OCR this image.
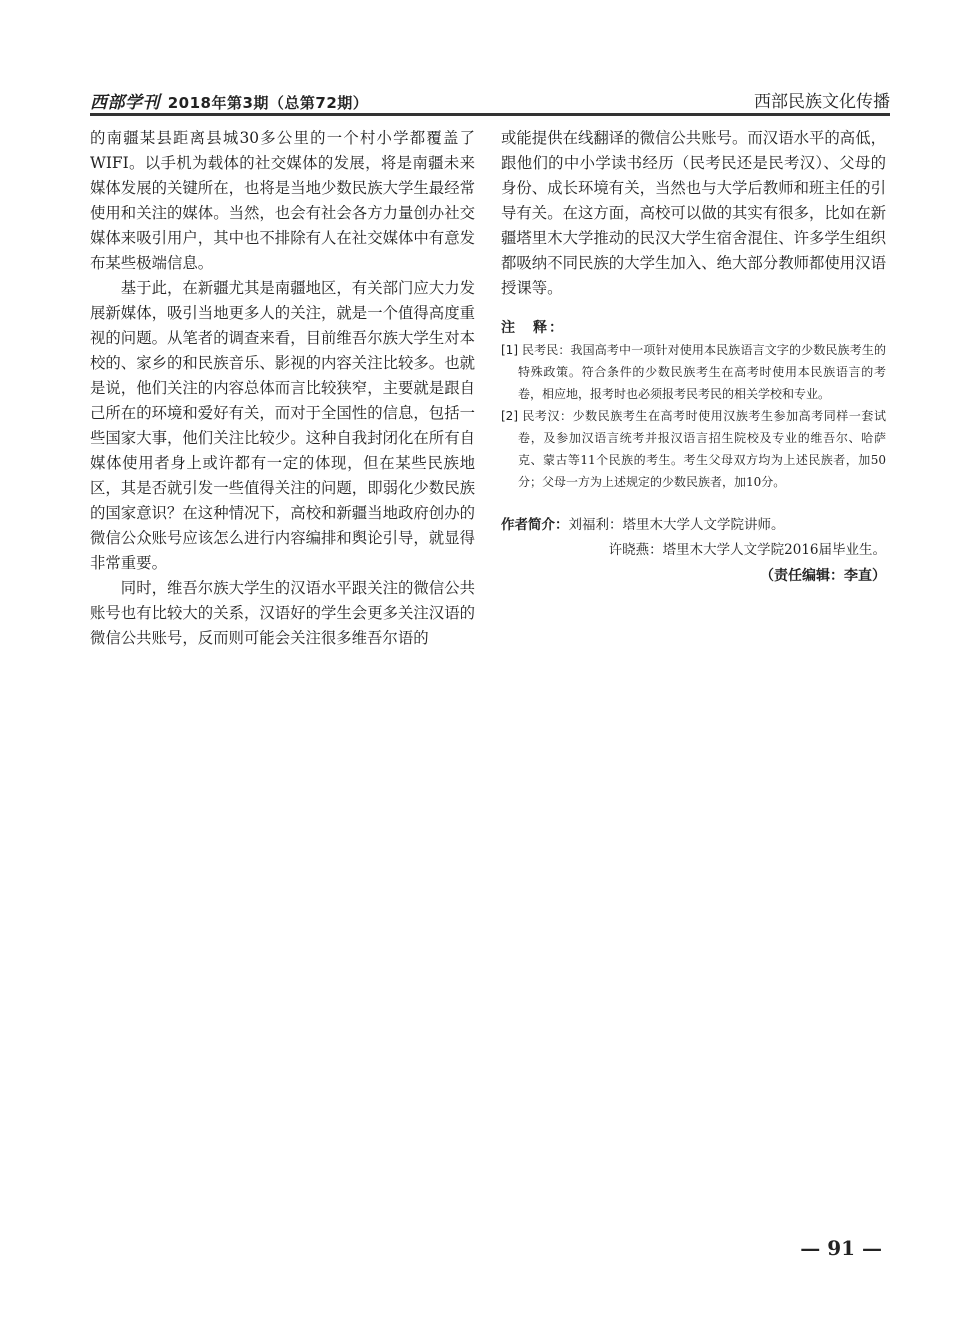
西部学刊 2018年第3期（总第72期）	西部民族文化传播

的南疆某县距离县城30多公里的一个村小学都覆盖了WIFI。以手机为载体的社交媒体的发展，将是南疆未来媒体发展的关键所在，也将是当地少数民族大学生最经常使用和关注的媒体。当然，也会有社会各方力量创办社交媒体来吸引用户，其中也不排除有人在社交媒体中有意发布某些极端信息。

基于此，在新疆尤其是南疆地区，有关部门应大力发展新媒体，吸引当地更多人的关注，就是一个值得高度重视的问题。从笔者的调查来看，目前维吾尔族大学生对本校的、家乡的和民族音乐、影视的内容关注比较多。也就是说，他们关注的内容总体而言比较狭窄，主要就是跟自己所在的环境和爱好有关，而对于全国性的信息，包括一些国家大事，他们关注比较少。这种自我封闭化在所有自媒体使用者身上或许都有一定的体现，但在某些民族地区，其是否就引发一些值得关注的问题，即弱化少数民族的国家意识？在这种情况下，高校和新疆当地政府创办的微信公众账号应该怎么进行内容编排和舆论引导，就显得非常重要。

同时，维吾尔族大学生的汉语水平跟关注的微信公共账号也有比较大的关系，汉语好的学生会更多关注汉语的微信公共账号，反而则可能会关注很多维吾尔语的

或能提供在线翻译的微信公共账号。而汉语水平的高低，跟他们的中小学读书经历（民考民还是民考汉）、父母的身份、成长环境有关，当然也与大学后教师和班主任的引导有关。在这方面，高校可以做的其实有很多，比如在新疆塔里木大学推动的民汉大学生宿舍混住、许多学生组织都吸纳不同民族的大学生加入、绝大部分教师都使用汉语授课等。

注　释：
[1] 民考民：我国高考中一项针对使用本民族语言文字的少数民族考生的特殊政策。符合条件的少数民族考生在高考时使用本民族语言的考卷，相应地，报考时也必须报考民考民的相关学校和专业。
[2] 民考汉：少数民族考生在高考时使用汉族考生参加高考同样一套试卷，及参加汉语言统考并报汉语言招生院校及专业的维吾尔、哈萨克、蒙古等11个民族的考生。考生父母双方均为上述民族者，加50分；父母一方为上述规定的少数民族者，加10分。
作者简介：刘福利：塔里木大学人文学院讲师。
许晓燕：塔里木大学人文学院2016届毕业生。
（责任编辑：李直）
— 91 —
